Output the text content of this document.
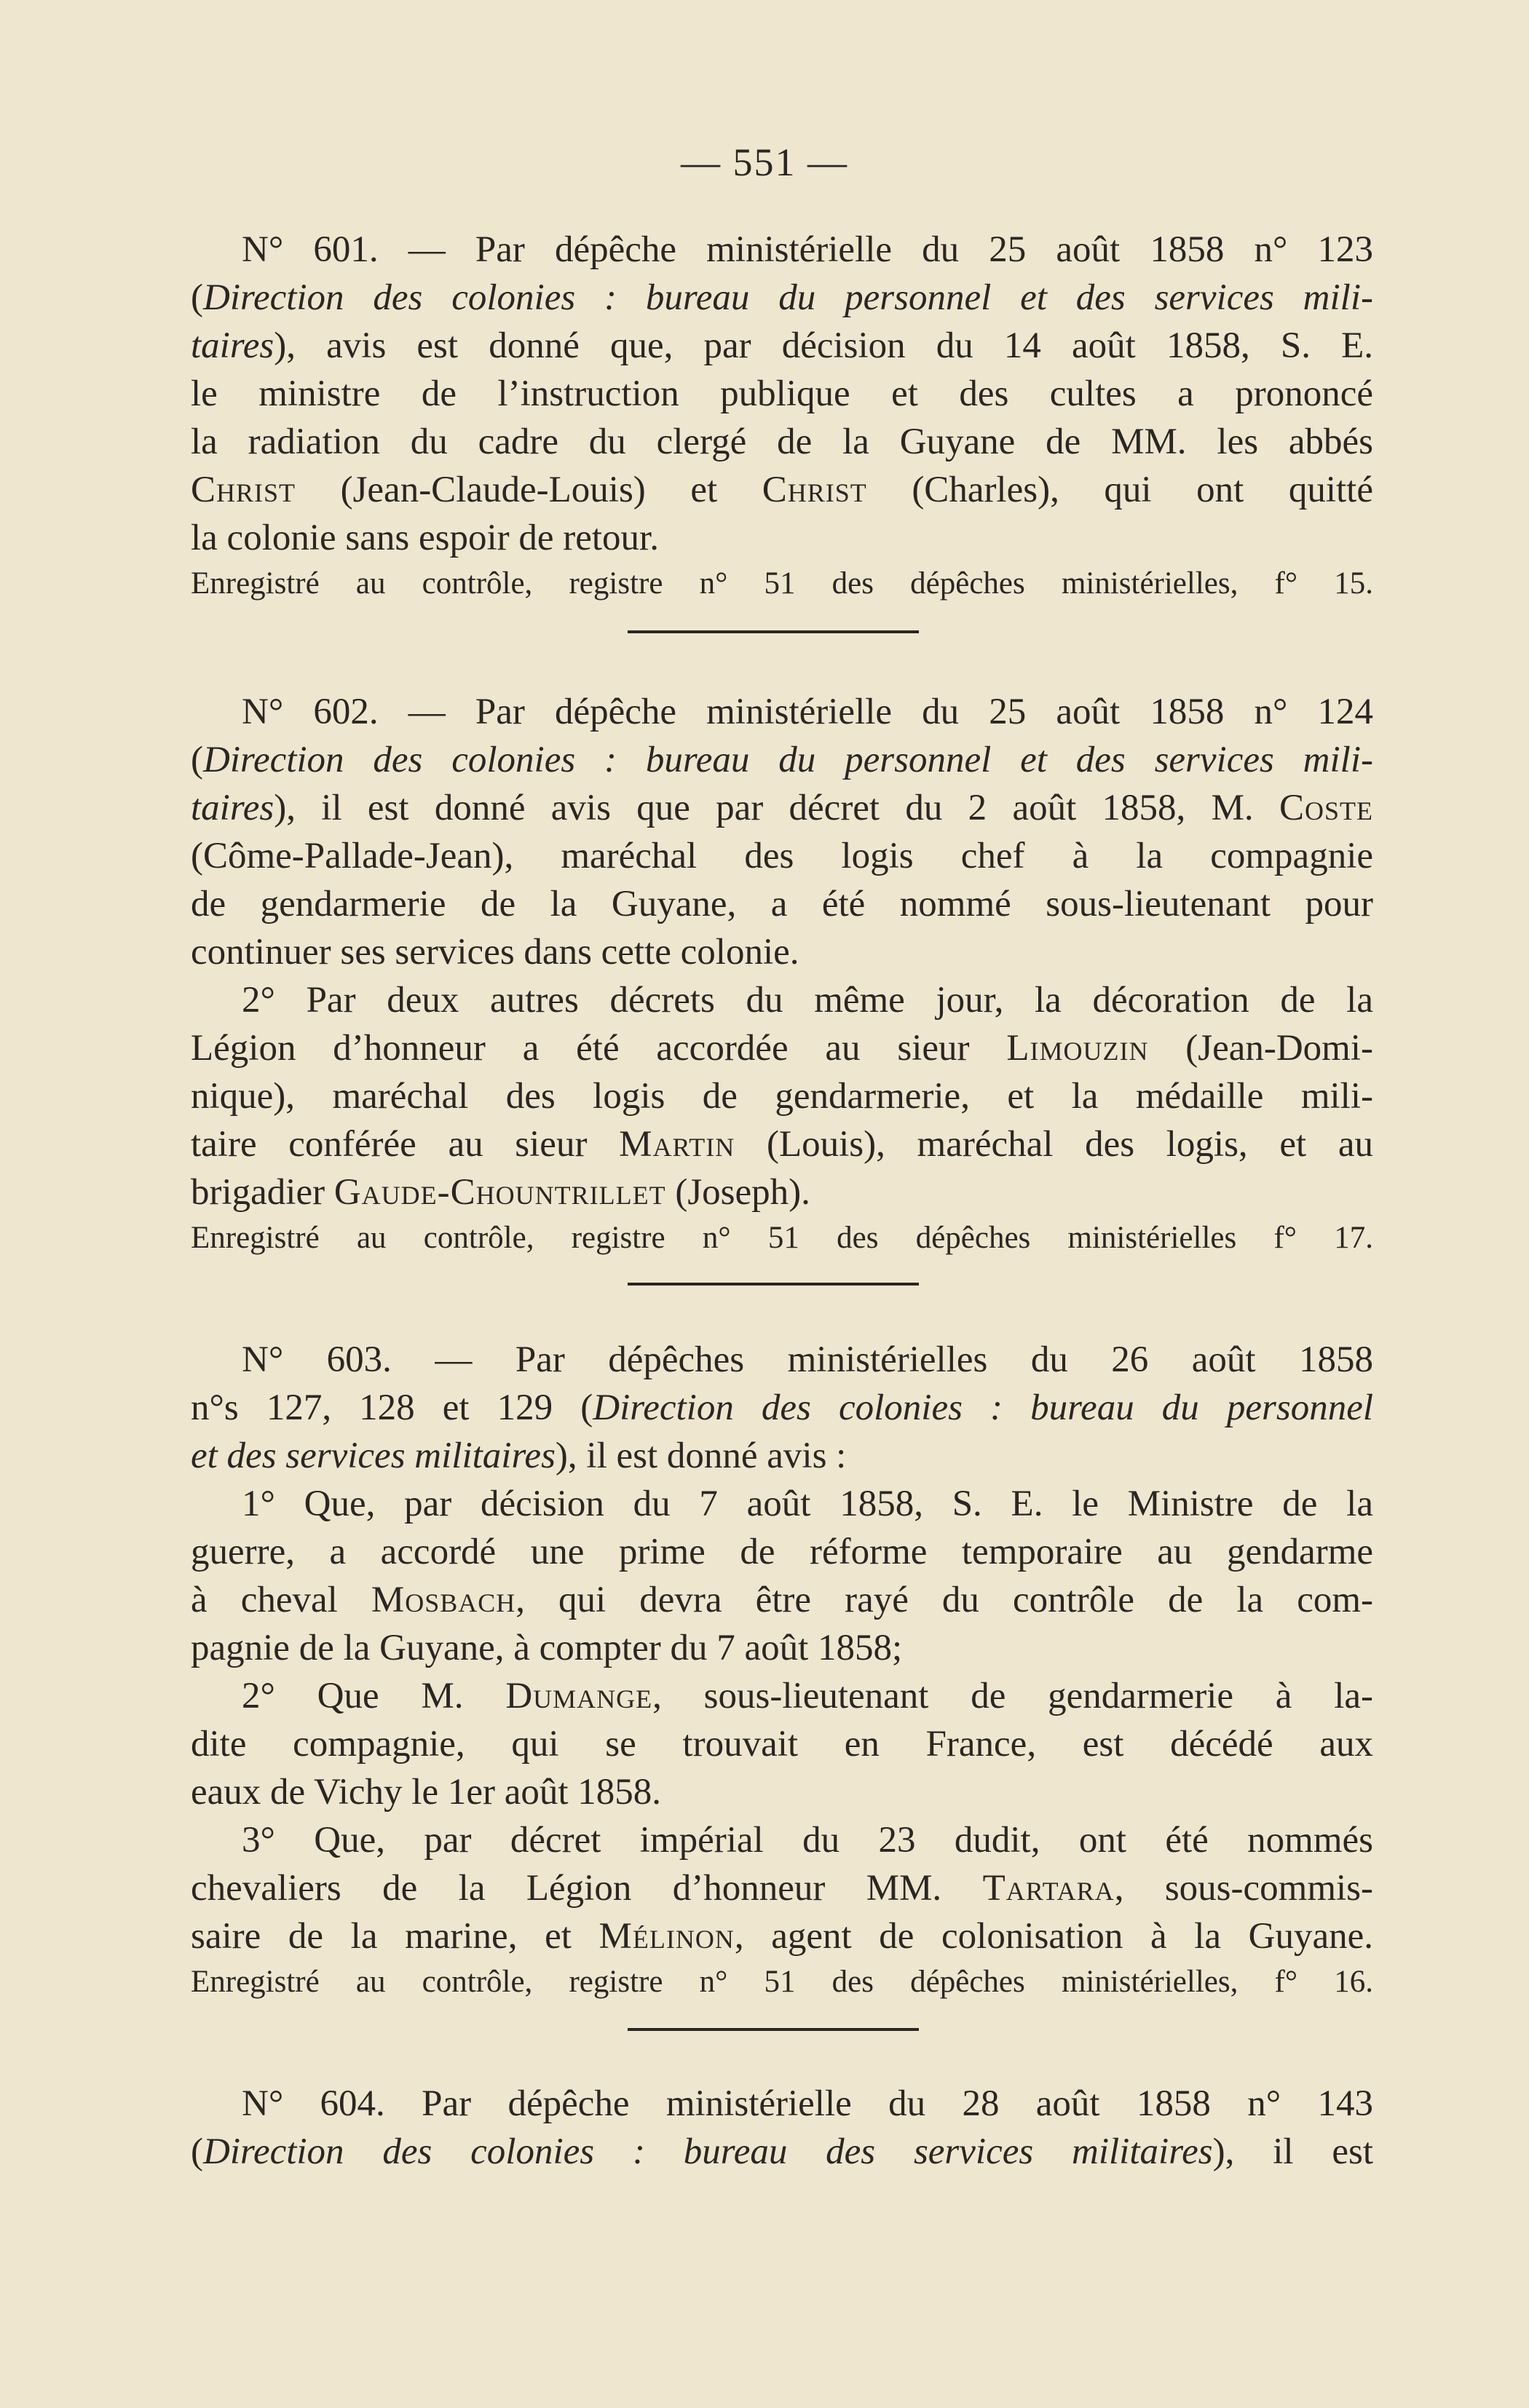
— 551 —
N° 601. — Par dépêche ministérielle du 25 août 1858 n° 123
(Direction des colonies : bureau du personnel et des services mili-
taires), avis est donné que, par décision du 14 août 1858, S. E.
le ministre de l’instruction publique et des cultes a prononcé
la radiation du cadre du clergé de la Guyane de MM. les abbés
Christ (Jean-Claude-Louis) et Christ (Charles), qui ont quitté
la colonie sans espoir de retour.
Enregistré au contrôle, registre n° 51 des dépêches ministérielles, f° 15.
N° 602. — Par dépêche ministérielle du 25 août 1858 n° 124
(Direction des colonies : bureau du personnel et des services mili-
taires), il est donné avis que par décret du 2 août 1858, M. Coste
(Côme-Pallade-Jean), maréchal des logis chef à la compagnie
de gendarmerie de la Guyane, a été nommé sous-lieutenant pour
continuer ses services dans cette colonie.
2° Par deux autres décrets du même jour, la décoration de la
Légion d’honneur a été accordée au sieur Limouzin (Jean-Domi-
nique), maréchal des logis de gendarmerie, et la médaille mili-
taire conférée au sieur Martin (Louis), maréchal des logis, et au
brigadier Gaude-Chountrillet (Joseph).
Enregistré au contrôle, registre n° 51 des dépêches ministérielles f° 17.
N° 603. — Par dépêches ministérielles du 26 août 1858
n°s 127, 128 et 129 (Direction des colonies : bureau du personnel
et des services militaires), il est donné avis :
1° Que, par décision du 7 août 1858, S. E. le Ministre de la
guerre, a accordé une prime de réforme temporaire au gendarme
à cheval Mosbach, qui devra être rayé du contrôle de la com-
pagnie de la Guyane, à compter du 7 août 1858;
2° Que M. Dumange, sous-lieutenant de gendarmerie à la-
dite compagnie, qui se trouvait en France, est décédé aux
eaux de Vichy le 1er août 1858.
3° Que, par décret impérial du 23 dudit, ont été nommés
chevaliers de la Légion d’honneur MM. Tartara, sous-commis-
saire de la marine, et Mélinon, agent de colonisation à la Guyane.
Enregistré au contrôle, registre n° 51 des dépêches ministérielles, f° 16.
N° 604. Par dépêche ministérielle du 28 août 1858 n° 143
(Direction des colonies : bureau des services militaires), il est
